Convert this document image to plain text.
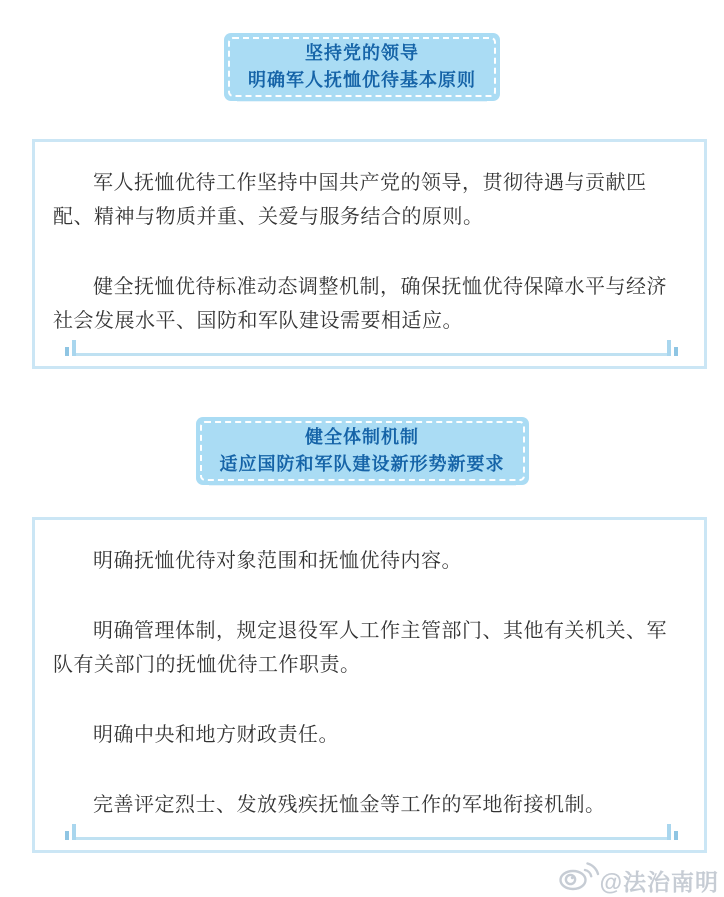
坚持党的领导
明确军人抚恤优待基本原则

军人抚恤优待工作坚持中国共产党的领导，贯彻待遇与贡献匹配、精神与物质并重、关爱与服务结合的原则。

健全抚恤优待标准动态调整机制，确保抚恤优待保障水平与经济社会发展水平、国防和军队建设需要相适应。

健全体制机制
适应国防和军队建设新形势新要求

明确抚恤优待对象范围和抚恤优待内容。

明确管理体制，规定退役军人工作主管部门、其他有关机关、军队有关部门的抚恤优待工作职责。

明确中央和地方财政责任。

完善评定烈士、发放残疾抚恤金等工作的军地衔接机制。

@法治南明
